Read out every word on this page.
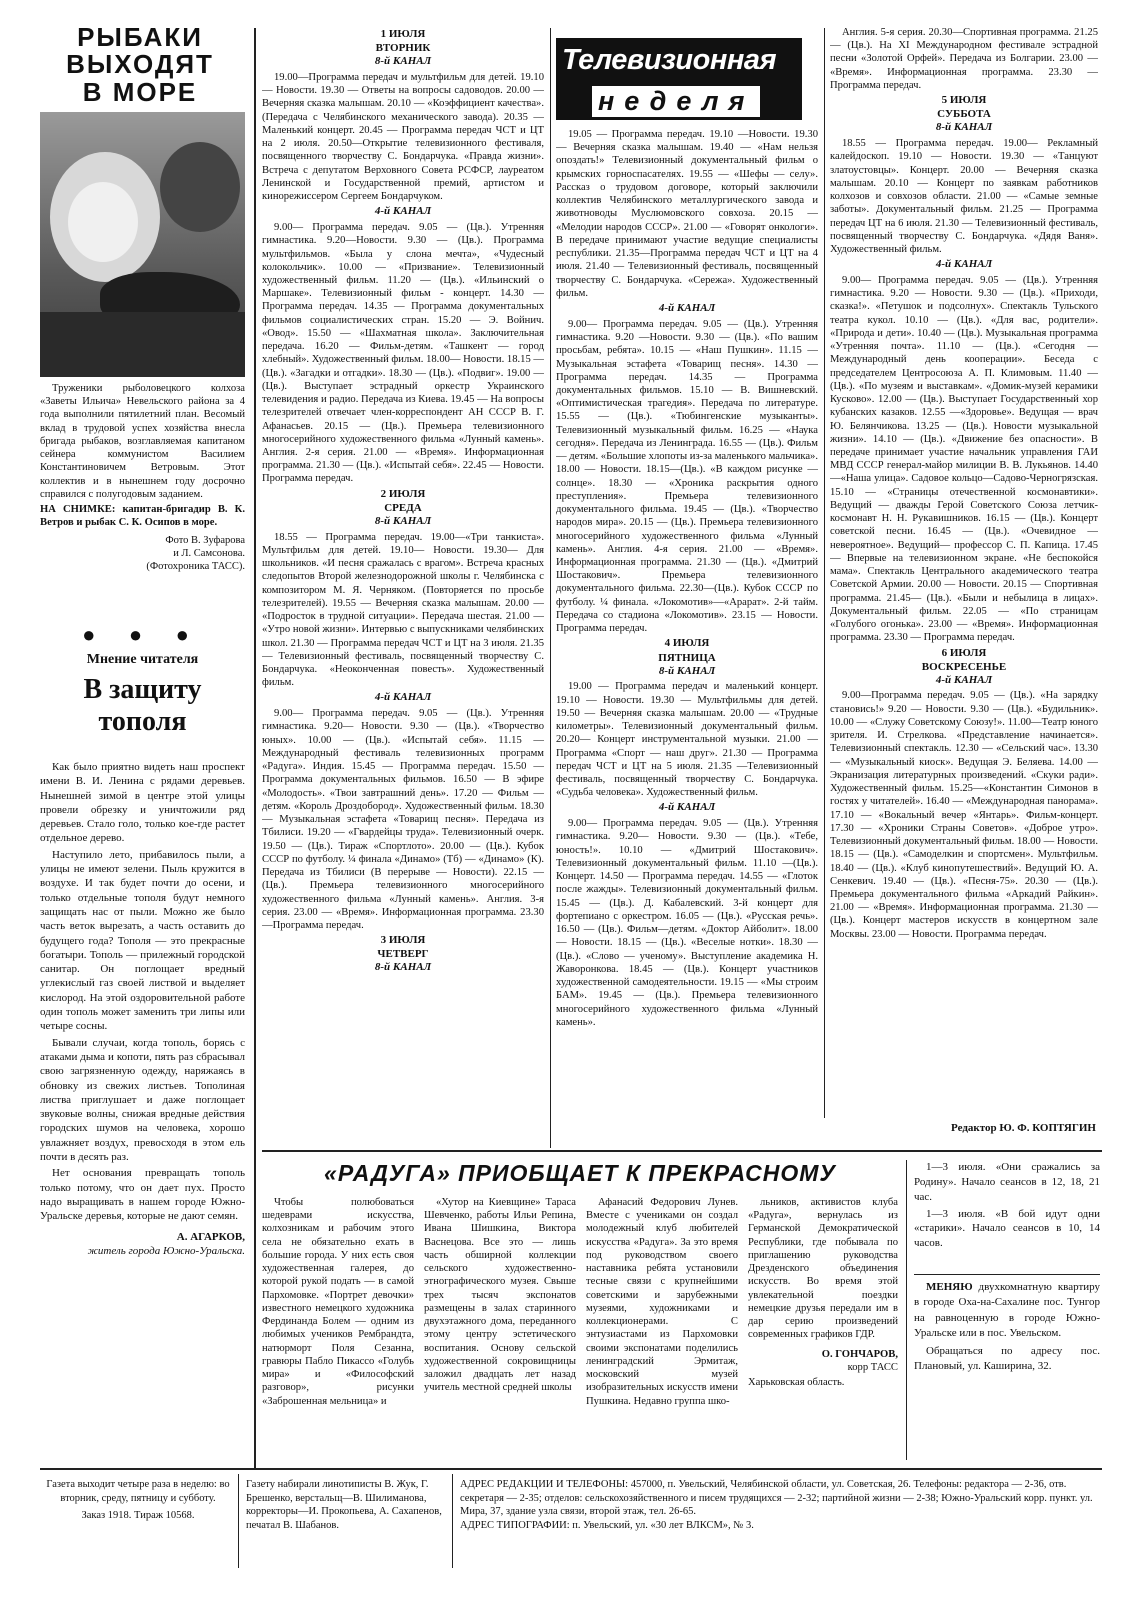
РЫБАКИ
ВЫХОДЯТ
В МОРЕ

Труженики рыболовецкого колхоза «Заветы Ильича» Невельского района за 4 года выполнили пятилетний план. Весомый вклад в трудовой успех хозяйства внесла бригада рыбаков, возглавляемая капитаном сейнера коммунистом Василием Константиновичем Ветровым. Этот коллектив и в нынешнем году досрочно справился с полугодовым заданием.

НА СНИМКЕ: капитан-бригадир В. К. Ветров и рыбак С. К. Осипов в море.

Фото В. Зуфарова
и Л. Самсонова.
(Фотохроника ТАСС).
● ● ●
Мнение читателя
В защиту
тополя

Как было приятно видеть наш проспект имени В. И. Ленина с рядами деревьев. Нынешней зимой в центре этой улицы провели обрезку и уничтожили ряд деревьев. Стало голо, только кое-где растет отдельное дерево.

Наступило лето, прибавилось пыли, а улицы не имеют зелени. Пыль кружится в воздухе. И так будет почти до осени, и только отдельные тополя будут немного защищать нас от пыли. Можно же было часть веток вырезать, а часть оставить до будущего года? Тополя — это прекрасные богатыри. Тополь — прилежный городской санитар. Он поглощает вредный углекислый газ своей листвой и выделяет кислород. На этой оздоровительной работе один тополь может заменить три липы или четыре сосны.

Бывали случаи, когда тополь, борясь с атаками дыма и копоти, пять раз сбрасывал свою загрязненную одежду, наряжаясь в обновку из свежих листьев. Тополиная листва приглушает и даже поглощает звуковые волны, снижая вредные действия городских шумов на человека, хорошо увлажняет воздух, превосходя в этом ель почти в десять раз.

Нет основания превращать тополь только потому, что он дает пух. Просто надо выращивать в нашем городе Южно-Уральске деревья, которые не дают семян.

А. АГАРКОВ,
житель города Южно-Уральска.
1 ИЮЛЯ
ВТОРНИК
8-й КАНАЛ

19.00—Программа передач и мультфильм для детей. 19.10 — Новости. 19.30 — Ответы на вопросы садоводов. 20.00 — Вечерняя сказка малышам. 20.10 — «Коэффициент качества». (Передача с Челябинского механического завода). 20.35 — Маленький концерт. 20.45 — Программа передач ЧСТ и ЦТ на 2 июля. 20.50—Открытие телевизионного фестиваля, посвященного творчеству С. Бондарчука. «Правда жизни». Встреча с депутатом Верховного Совета РСФСР, лауреатом Ленинской и Государственной премий, артистом и кинорежиссером Сергеем Бондарчуком.

4-й КАНАЛ

9.00— Программа передач. 9.05 — (Цв.). Утренняя гимнастика. 9.20—Новости. 9.30 — (Цв.). Программа мультфильмов. «Была у слона мечта», «Чудесный колокольчик». 10.00 — «Призвание». Телевизионный художественный фильм. 11.20 — (Цв.). «Ильинский о Маршаке». Телевизионный фильм - концерт. 14.30 — Программа передач. 14.35 — Программа документальных фильмов социалистических стран. 15.20 — Э. Войнич. «Овод». 15.50 — «Шахматная школа». Заключительная передача. 16.20 — Фильм-детям. «Ташкент — город хлебный». Художественный фильм. 18.00— Новости. 18.15 — (Цв.). «Загадки и отгадки». 18.30 — (Цв.). «Подвиг». 19.00 — (Цв.). Выступает эстрадный оркестр Украинского телевидения и радио. Передача из Киева. 19.45 — На вопросы телезрителей отвечает член-корреспондент АН СССР В. Г. Афанасьев. 20.15 — (Цв.). Премьера телевизионного многосерийного художественного фильма «Лунный камень». Англия. 2-я серия. 21.00 — «Время». Информационная программа. 21.30 — (Цв.). «Испытай себя». 22.45 — Новости. Программа передач.

2 ИЮЛЯ
СРЕДА
8-й КАНАЛ

18.55 — Программа передач. 19.00—«Три танкиста». Мультфильм для детей. 19.10— Новости. 19.30— Для школьников. «И песня сражалась с врагом». Встреча красных следопытов Второй железнодорожной школы г. Челябинска с композитором М. Я. Черняком. (Повторяется по просьбе телезрителей). 19.55 — Вечерняя сказка малышам. 20.00 — «Подросток в трудной ситуации». Передача шестая. 21.00 — «Утро новой жизни». Интервью с выпускниками челябинских школ. 21.30 — Программа передач ЧСТ и ЦТ на 3 июля. 21.35 — Телевизионный фестиваль, посвященный творчеству С. Бондарчука. «Неоконченная повесть». Художественный фильм.

4-й КАНАЛ

9.00— Программа передач. 9.05 — (Цв.). Утренняя гимнастика. 9.20— Новости. 9.30 — (Цв.). «Творчество юных». 10.00 — (Цв.). «Испытай себя». 11.15 — Международный фестиваль телевизионных программ «Радуга». Индия. 15.45 — Программа передач. 15.50 — Программа документальных фильмов. 16.50 — В эфире «Молодость». «Твои завтрашний день». 17.20 — Фильм — детям. «Король Дроздобород». Художественный фильм. 18.30 — Музыкальная эстафета «Товарищ песня». Передача из Тбилиси. 19.20 — «Гвардейцы труда». Телевизионный очерк. 19.50 — (Цв.). Тираж «Спортлото». 20.00 — (Цв.). Кубок СССР по футболу. ¼ финала «Динамо» (Тб) — «Динамо» (К). Передача из Тбилиси (В перерыве — Новости). 22.15 — (Цв.). Премьера телевизионного многосерийного художественного фильма «Лунный камень». Англия. 3-я серия. 23.00 — «Время». Информационная программа. 23.30—Программа передач.

3 ИЮЛЯ
ЧЕТВЕРГ
8-й КАНАЛ
Телевизионная
неделя

19.05 — Программа передач. 19.10 —Новости. 19.30 — Вечерняя сказка малышам. 19.40 — «Нам нельзя опоздать!» Телевизионный документальный фильм о крымских горноспасателях. 19.55 — «Шефы — селу». Рассказ о трудовом договоре, который заключили коллектив Челябинского металлургического завода и животноводы Муслюмовского совхоза. 20.15 — «Мелодии народов СССР». 21.00 — «Говорят онкологи». В передаче принимают участие ведущие специалисты республики. 21.35—Программа передач ЧСТ и ЦТ на 4 июля. 21.40 — Телевизионный фестиваль, посвященный творчеству С. Бондарчука. «Сережа». Художественный фильм.

4-й КАНАЛ

9.00— Программа передач. 9.05 — (Цв.). Утренняя гимнастика. 9.20 —Новости. 9.30 — (Цв.). «По вашим просьбам, ребята». 10.15 — «Наш Пушкин». 11.15 — Музыкальная эстафета «Товарищ песня». 14.30 — Программа передач. 14.35 — Программа документальных фильмов. 15.10 — В. Вишневский. «Оптимистическая трагедия». Передача по литературе. 15.55 — (Цв.). «Тюбингенские музыканты». Телевизионный музыкальный фильм. 16.25 — «Наука сегодня». Передача из Ленинграда. 16.55 — (Цв.). Фильм — детям. «Большие хлопоты из-за маленького мальчика». 18.00 — Новости. 18.15—(Цв.). «В каждом рисунке — солнце». 18.30 — «Хроника раскрытия одного преступления». Премьера телевизионного документального фильма. 19.45 — (Цв.). «Творчество народов мира». 20.15 — (Цв.). Премьера телевизионного многосерийного художественного фильма «Лунный камень». Англия. 4-я серия. 21.00 — «Время». Информационная программа. 21.30 — (Цв.). «Дмитрий Шостакович». Премьера телевизионного документального фильма. 22.30—(Цв.). Кубок СССР по футболу. ¼ финала. «Локомотив»—«Арарат». 2-й тайм. Передача со стадиона «Локомотив». 23.15 — Новости. Программа передач.

4 ИЮЛЯ
ПЯТНИЦА
8-й КАНАЛ

19.00 — Программа передач и маленький концерт. 19.10 — Новости. 19.30 — Мультфильмы для детей. 19.50 — Вечерняя сказка малышам. 20.00 — «Трудные километры». Телевизионный документальный фильм. 20.20— Концерт инструментальной музыки. 21.00 — Программа «Спорт — наш друг». 21.30 — Программа передач ЧСТ и ЦТ на 5 июля. 21.35 —Телевизионный фестиваль, посвященный творчеству С. Бондарчука. «Судьба человека». Художественный фильм.

4-й КАНАЛ

9.00— Программа передач. 9.05 — (Цв.). Утренняя гимнастика. 9.20— Новости. 9.30 — (Цв.). «Тебе, юность!». 10.10 — «Дмитрий Шостакович». Телевизионный документальный фильм. 11.10 —(Цв.). Концерт. 14.50 — Программа передач. 14.55 — «Глоток после жажды». Телевизионный документальный фильм. 15.45 — (Цв.). Д. Кабалевский. 3-й концерт для фортепиано с оркестром. 16.05 — (Цв.). «Русская речь». 16.50 — (Цв.). Фильм—детям. «Доктор Айболит». 18.00 — Новости. 18.15 — (Цв.). «Веселые нотки». 18.30 — (Цв.). «Слово — ученому». Выступление академика Н. Жаворонкова. 18.45 — (Цв.). Концерт участников художественной самодеятельности. 19.15 — «Мы строим БАМ». 19.45 — (Цв.). Премьера телевизионного многосерийного художественного фильма «Лунный камень».

Англия. 5-я серия. 20.30—Спортивная программа. 21.25 — (Цв.). На XI Международном фестивале эстрадной песни «Золотой Орфей». Передача из Болгарии. 23.00 — «Время». Информационная программа. 23.30 —Программа передач.

5 ИЮЛЯ
СУББОТА
8-й КАНАЛ

18.55 — Программа передач. 19.00— Рекламный калейдоскоп. 19.10 — Новости. 19.30 — «Танцуют златоустовцы». Концерт. 20.00 — Вечерняя сказка малышам. 20.10 — Концерт по заявкам работников колхозов и совхозов области. 21.00 — «Самые земные заботы». Документальный фильм. 21.25 — Программа передач ЦТ на 6 июля. 21.30 — Телевизионный фестиваль, посвященный творчеству С. Бондарчука. «Дядя Ваня». Художественный фильм.

4-й КАНАЛ

9.00— Программа передач. 9.05 — (Цв.). Утренняя гимнастика. 9.20 — Новости. 9.30 — (Цв.). «Приходи, сказка!». «Петушок и подсолнух». Спектакль Тульского театра кукол. 10.10 — (Цв.). «Для вас, родители». «Природа и дети». 10.40 — (Цв.). Музыкальная программа «Утренняя почта». 11.10 — (Цв.). «Сегодня — Международный день кооперации». Беседа с председателем Центросоюза А. П. Климовым. 11.40 — (Цв.). «По музеям и выставкам». «Домик-музей керамики Кусково». 12.00 — (Цв.). Выступает Государственный хор кубанских казаков. 12.55 —«Здоровье». Ведущая — врач Ю. Белянчикова. 13.25 — (Цв.). Новости музыкальной жизни». 14.10 — (Цв.). «Движение без опасности». В передаче принимает участие начальник управления ГАИ МВД СССР генерал-майор милиции В. В. Лукьянов. 14.40 —«Наша улица». Садовое кольцо—Садово-Черногрязская. 15.10 — «Страницы отечественной космонавтики». Ведущий — дважды Герой Советского Союза летчик-космонавт Н. Н. Рукавишников. 16.15 — (Цв.). Концерт советской песни. 16.45 — (Цв.). «Очевидное — невероятное». Ведущий— профессор С. П. Капица. 17.45 — Впервые на телевизионном экране. «Не беспокойся мама». Спектакль Центрального академического театра Советской Армии. 20.00 — Новости. 20.15 — Спортивная программа. 21.45— (Цв.). «Были и небылица в лицах». Документальный фильм. 22.05 — «По страницам «Голубого огонька». 23.00 — «Время». Информационная программа. 23.30 — Программа передач.

6 ИЮЛЯ
ВОСКРЕСЕНЬЕ
4-й КАНАЛ

9.00—Программа передач. 9.05 — (Цв.). «На зарядку становись!» 9.20 — Новости. 9.30 — (Цв.). «Будильник». 10.00 — «Служу Советскому Союзу!». 11.00—Театр юного зрителя. И. Стрелкова. «Представление начинается». Телевизионный спектакль. 12.30 — «Сельский час». 13.30 — «Музыкальный киоск». Ведущая Э. Беляева. 14.00 — Экранизация литературных произведений. «Скуки ради». Художественный фильм. 15.25—«Константин Симонов в гостях у читателей». 16.40 — «Международная панорама». 17.10 — «Вокальный вечер «Янтарь». Фильм-концерт. 17.30 — «Хроники Страны Советов». «Доброе утро». Телевизионный документальный фильм. 18.00 — Новости. 18.15 — (Цв.). «Самоделкин и спортсмен». Мультфильм. 18.40 — (Цв.). «Клуб кинопутешествий». Ведущий Ю. А. Сенкевич. 19.40 — (Цв.). «Песня-75». 20.30 — (Цв.). Премьера документального фильма «Аркадий Райкин». 21.00 — «Время». Информационная программа. 21.30 — (Цв.). Концерт мастеров искусств в концертном зале Москвы. 23.00 — Новости. Программа передач.

Редактор Ю. Ф. КОПТЯГИН
«РАДУГА» ПРИОБЩАЕТ К ПРЕКРАСНОМУ

Чтобы полюбоваться шедеврами искусства, колхозникам и рабочим этого села не обязательно ехать в большие города. У них есть своя художественная галерея, до которой рукой подать — в самой Пархомовке. «Портрет девочки» известного немецкого художника Фердинанда Болем — одним из любимых учеников Рембрандта, натюрморт Поля Сезанна, гравюры Пабло Пикассо «Голубь мира» и «Философский разговор», рисунки «Заброшенная мельница» и

«Хутор на Киевщине» Тараса Шевченко, работы Ильи Репина, Ивана Шишкина, Виктора Васнецова. Все это — лишь часть обширной коллекции сельского художественно-этнографического музея. Свыше трех тысяч экспонатов размещены в залах старинного двухэтажного дома, переданного этому центру эстетического воспитания. Основу сельской художественной сокровищницы заложил двадцать лет назад учитель местной средней школы

Афанасий Федорович Лунев. Вместе с учениками он создал молодежный клуб любителей искусства «Радуга». За это время под руководством своего наставника ребята установили тесные связи с крупнейшими советскими и зарубежными музеями, художниками и коллекционерами. С энтузиастами из Пархомовки своими экспонатами поделились ленинградский Эрмитаж, московский музей изобразительных искусств имени Пушкина. Недавно группа шко-

льников, активистов клуба «Радуга», вернулась из Германской Демократической Республики, где побывала по приглашению руководства Дрезденского объединения искусств. Во время этой увлекательной поездки немецкие друзья передали им в дар серию произведений современных графиков ГДР.

О. ГОНЧАРОВ,
корр ТАСС
Харьковская область.

1—3 июля. «Они сражались за Родину». Начало сеансов в 12, 18, 21 час.

1—3 июля. «В бой идут одни «старики». Начало сеансов в 10, 14 часов.

МЕНЯЮ двухкомнатную квартиру в городе Оха-на-Сахалине пос. Тунгор на равноценную в городе Южно-Уральске или в пос. Увельском.

Обращаться по адресу пос. Плановый, ул. Каширина, 32.

Газета выходит четыре раза в неделю: во вторник, среду, пятницу и субботу.
Заказ 1918. Тираж 10568.
Газету набирали линотиписты В. Жук, Г. Брешенко, верстальщ—В. Шилиманова, корректоры—И. Прокопьева, А. Сахапенов, печатал В. Шабанов.
АДРЕС РЕДАКЦИИ И ТЕЛЕФОНЫ: 457000, п. Увельский, Челябинской области, ул. Советская, 26. Телефоны: редактора — 2-36, отв. секретаря — 2-35; отделов: сельскохозяйственного и писем трудящихся — 2-32; партийной жизни — 2-38; Южно-Уральский корр. пункт. ул. Мира, 37, здание узла связи, второй этаж, тел. 26-65.
АДРЕС ТИПОГРАФИИ: п. Увельский, ул. «30 лет ВЛКСМ», № 3.
